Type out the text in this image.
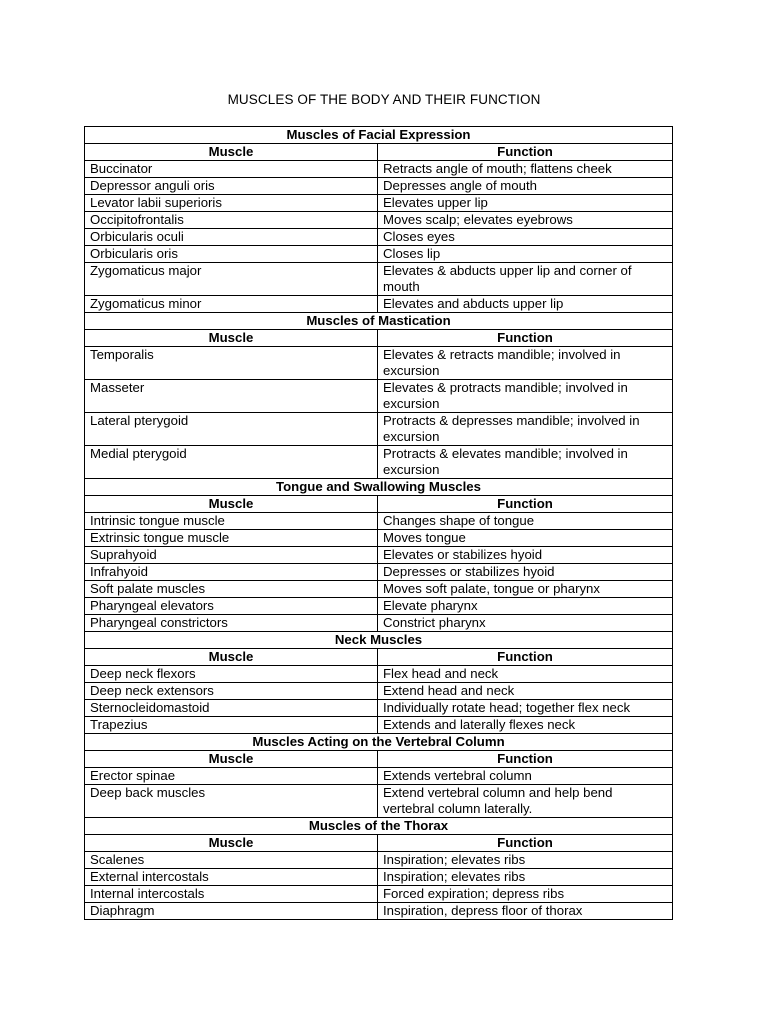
MUSCLES OF THE BODY AND THEIR FUNCTION
Muscles of Facial Expression	
Muscle	Function
Buccinator	Retracts angle of mouth; flattens cheek
Depressor anguli oris	Depresses angle of mouth
Levator labii superioris	Elevates upper lip
Occipitofrontalis	Moves scalp; elevates eyebrows
Orbicularis oculi	Closes eyes
Orbicularis oris	Closes lip
Zygomaticus major	Elevates & abducts upper lip and corner of mouth
Zygomaticus minor	Elevates and abducts upper lip
Muscles of Mastication	
Muscle	Function
Temporalis	Elevates & retracts mandible; involved in excursion
Masseter	Elevates & protracts mandible; involved in excursion
Lateral pterygoid	Protracts & depresses mandible; involved in excursion
Medial pterygoid	Protracts & elevates mandible; involved in excursion
Tongue and Swallowing Muscles	
Muscle	Function
Intrinsic tongue muscle	Changes shape of tongue
Extrinsic tongue muscle	Moves tongue
Suprahyoid	Elevates or stabilizes hyoid
Infrahyoid	Depresses or stabilizes hyoid
Soft palate muscles	Moves soft palate, tongue or pharynx
Pharyngeal elevators	Elevate pharynx
Pharyngeal constrictors	Constrict pharynx
Neck Muscles	
Muscle	Function
Deep neck flexors	Flex head and neck
Deep neck extensors	Extend head and neck
Sternocleidomastoid	Individually rotate head; together flex neck
Trapezius	Extends and laterally flexes neck
Muscles Acting on the Vertebral Column	
Muscle	Function
Erector spinae	Extends vertebral column
Deep back muscles	Extend vertebral column and help bend vertebral column laterally.
Muscles of the Thorax	
Muscle	Function
Scalenes	Inspiration; elevates ribs
External intercostals	Inspiration; elevates ribs
Internal intercostals	Forced expiration; depress ribs
Diaphragm	Inspiration, depress floor of thorax
